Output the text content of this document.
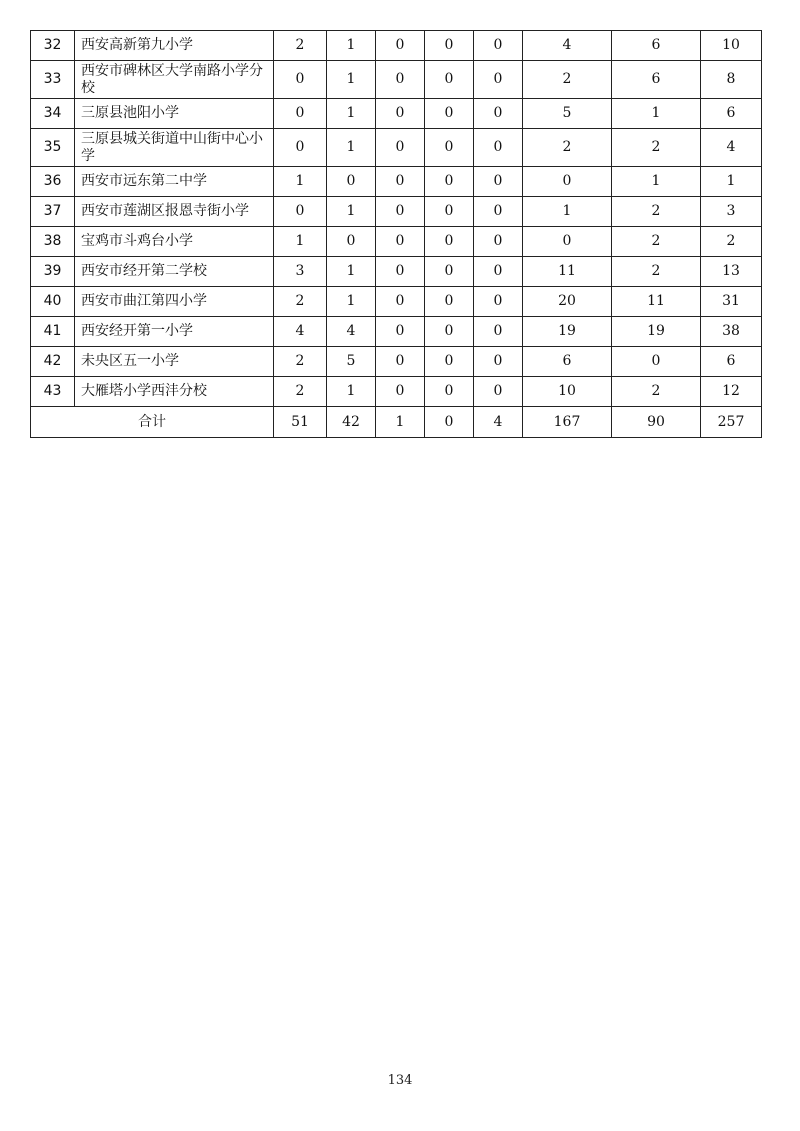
32	西安高新第九小学	2	1	0	0	0	4	6	10
33	西安市碑林区大学南路小学分校	0	1	0	0	0	2	6	8
34	三原县池阳小学	0	1	0	0	0	5	1	6
35	三原县城关街道中山街中心小学	0	1	0	0	0	2	2	4
36	西安市远东第二中学	1	0	0	0	0	0	1	1
37	西安市莲湖区报恩寺街小学	0	1	0	0	0	1	2	3
38	宝鸡市斗鸡台小学	1	0	0	0	0	0	2	2
39	西安市经开第二学校	3	1	0	0	0	11	2	13
40	西安市曲江第四小学	2	1	0	0	0	20	11	31
41	西安经开第一小学	4	4	0	0	0	19	19	38
42	未央区五一小学	2	5	0	0	0	6	0	6
43	大雁塔小学西沣分校	2	1	0	0	0	10	2	12
合计		51	42	1	0	4	167	90	257
134
